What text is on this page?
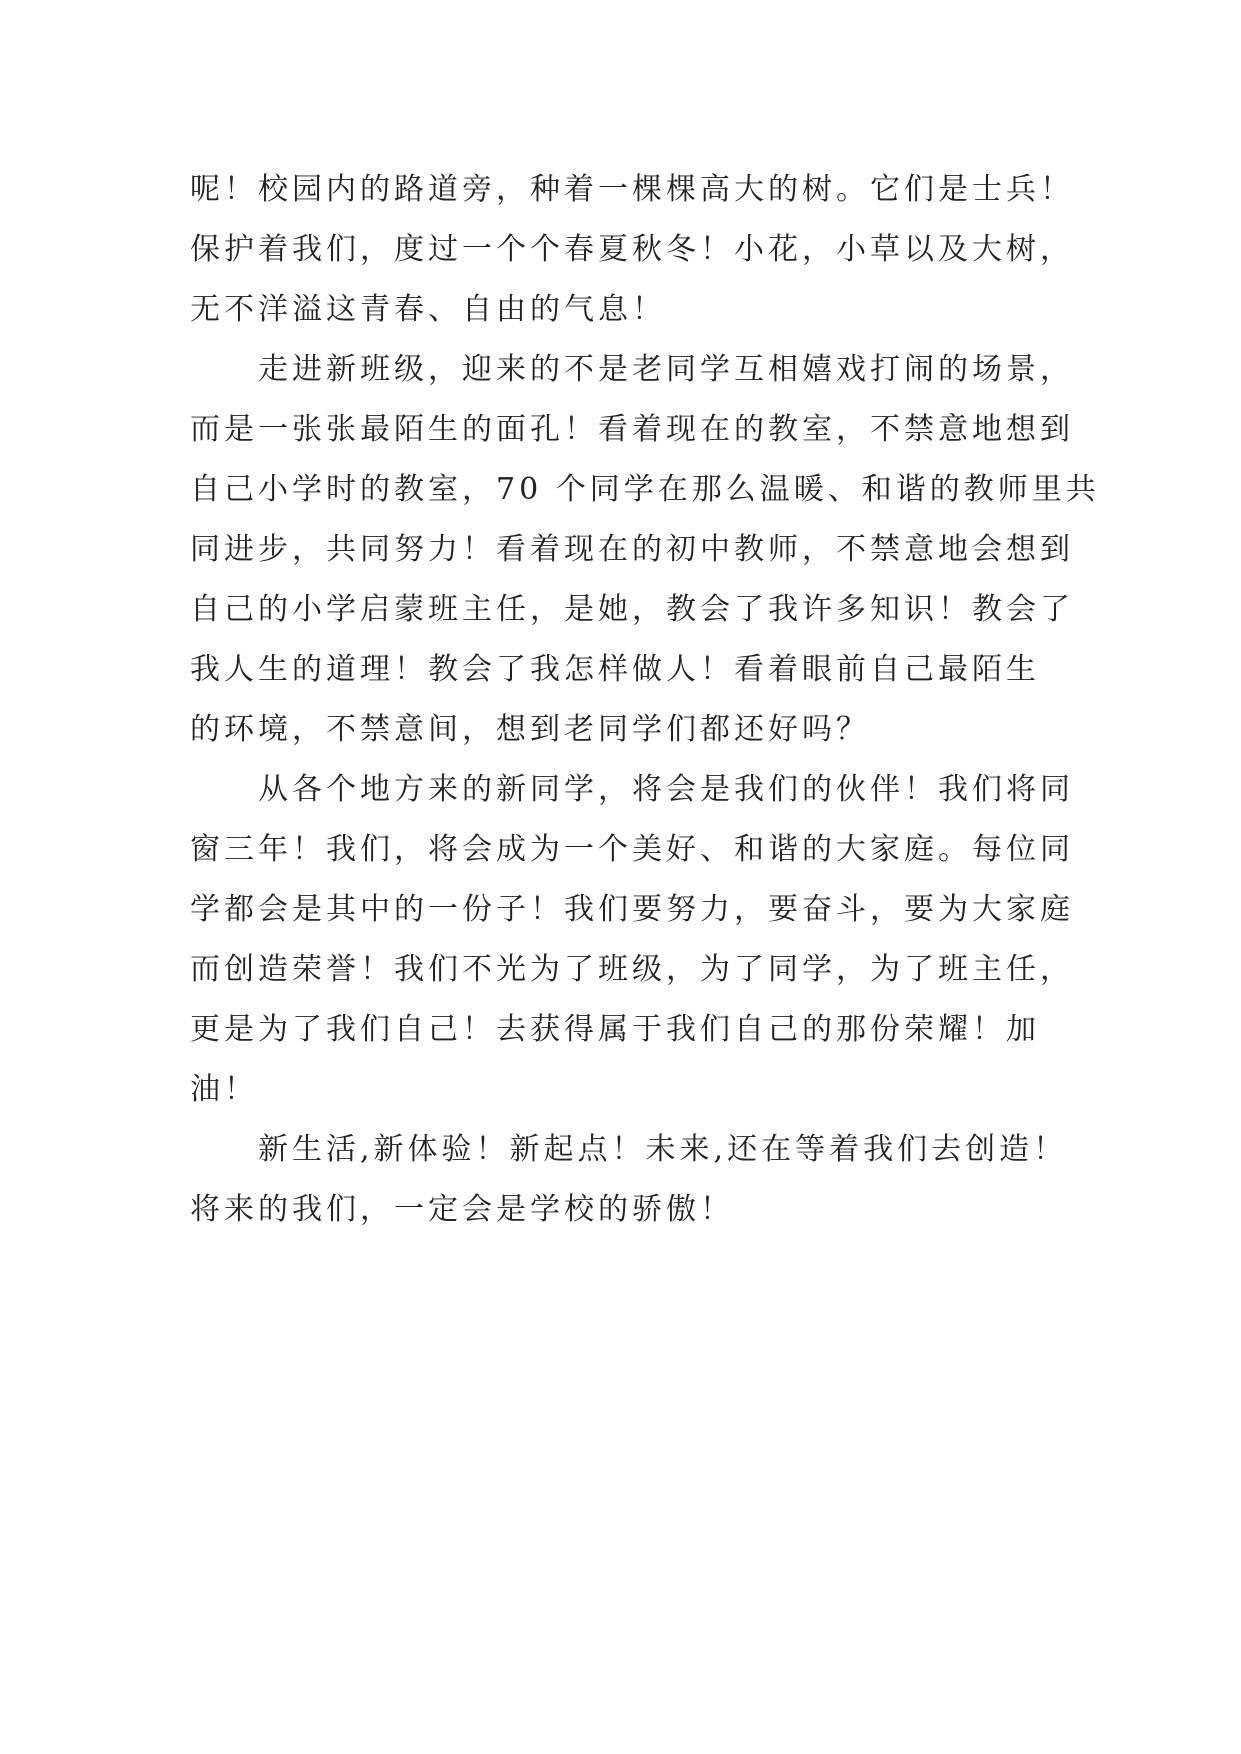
呢！校园内的路道旁，种着一棵棵高大的树。它们是士兵！
保护着我们，度过一个个春夏秋冬！小花，小草以及大树，
无不洋溢这青春、自由的气息！
走进新班级，迎来的不是老同学互相嬉戏打闹的场景，
而是一张张最陌生的面孔！看着现在的教室，不禁意地想到
自己小学时的教室，70 个同学在那么温暖、和谐的教师里共
同进步，共同努力！看着现在的初中教师，不禁意地会想到
自己的小学启蒙班主任，是她，教会了我许多知识！教会了
我人生的道理！教会了我怎样做人！看着眼前自己最陌生
的环境，不禁意间，想到老同学们都还好吗？
从各个地方来的新同学，将会是我们的伙伴！我们将同
窗三年！我们，将会成为一个美好、和谐的大家庭。每位同
学都会是其中的一份子！我们要努力，要奋斗，要为大家庭
而创造荣誉！我们不光为了班级，为了同学，为了班主任，
更是为了我们自己！去获得属于我们自己的那份荣耀！加
油！
新生活,新体验！新起点！未来,还在等着我们去创造！
将来的我们，一定会是学校的骄傲！
